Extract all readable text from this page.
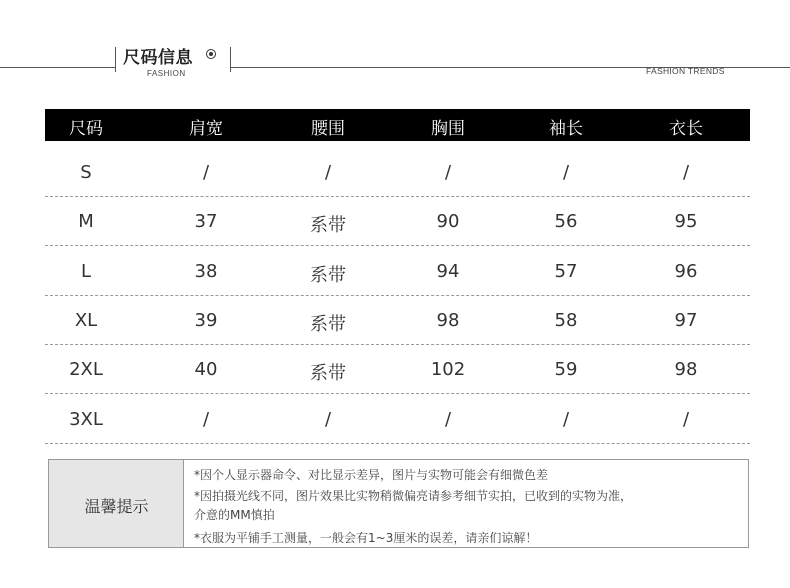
尺码信息
FASHION	FASHION TRENDS
尺码	肩宽	腰围	胸围	袖长	衣长
S	/	/	/	/	/
M	37	系带	90	56	95
L	38	系带	94	57	96
XL	39	系带	98	58	97
2XL	40	系带	102	59	98
3XL	/	/	/	/	/
温馨提示
*因个人显示器命令、对比显示差异，图片与实物可能会有细微色差
*因拍摄光线不同，图片效果比实物稍微偏亮请参考细节实拍，已收到的实物为准，
介意的MM慎拍
*衣服为平铺手工测量，一般会有1~3厘米的误差，请亲们谅解！
